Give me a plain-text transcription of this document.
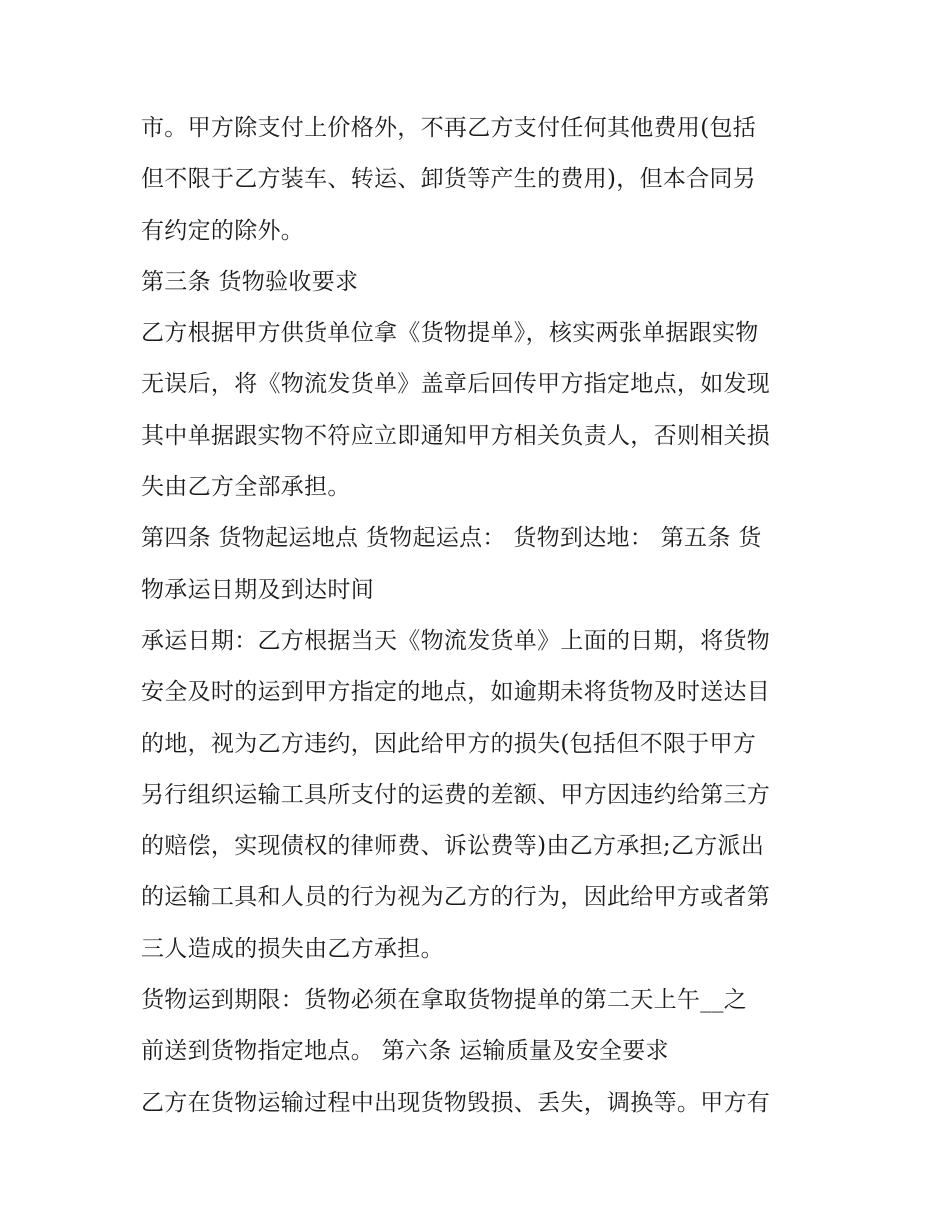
市。甲方除支付上价格外，不再乙方支付任何其他费用(包括
但不限于乙方装车、转运、卸货等产生的费用)，但本合同另
有约定的除外。
第三条 货物验收要求
乙方根据甲方供货单位拿《货物提单》，核实两张单据跟实物
无误后，将《物流发货单》盖章后回传甲方指定地点，如发现
其中单据跟实物不符应立即通知甲方相关负责人，否则相关损
失由乙方全部承担。
第四条 货物起运地点 货物起运点： 货物到达地： 第五条 货
物承运日期及到达时间
承运日期：乙方根据当天《物流发货单》上面的日期，将货物
安全及时的运到甲方指定的地点，如逾期未将货物及时送达目
的地，视为乙方违约，因此给甲方的损失(包括但不限于甲方
另行组织运输工具所支付的运费的差额、甲方因违约给第三方
的赔偿，实现债权的律师费、诉讼费等)由乙方承担;乙方派出
的运输工具和人员的行为视为乙方的行为，因此给甲方或者第
三人造成的损失由乙方承担。
货物运到期限：货物必须在拿取货物提单的第二天上午__之
前送到货物指定地点。 第六条 运输质量及安全要求
乙方在货物运输过程中出现货物毁损、丢失，调换等。甲方有
